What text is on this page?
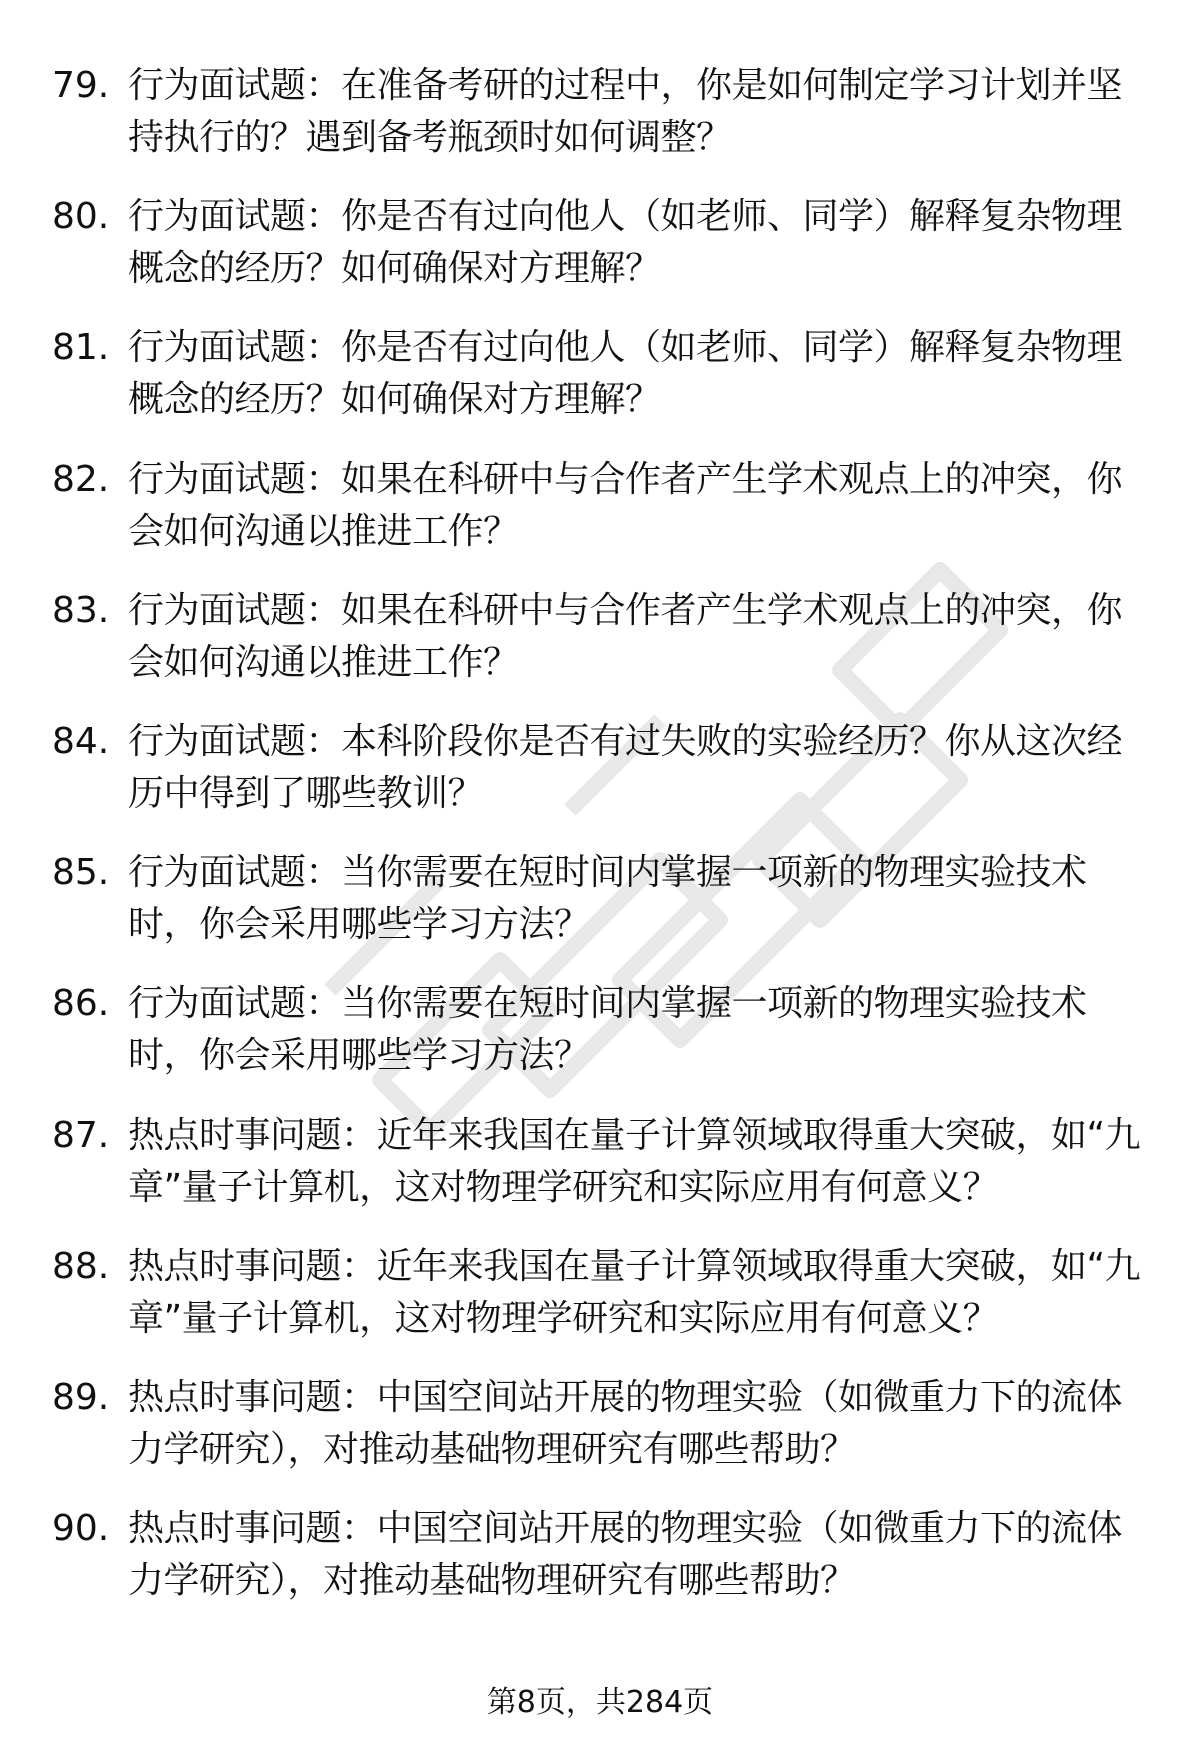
79. 行为面试题：在准备考研的过程中，你是如何制定学习计划并坚持执行的？遇到备考瓶颈时如何调整？
80. 行为面试题：你是否有过向他人（如老师、同学）解释复杂物理概念的经历？如何确保对方理解？
81. 行为面试题：你是否有过向他人（如老师、同学）解释复杂物理概念的经历？如何确保对方理解？
82. 行为面试题：如果在科研中与合作者产生学术观点上的冲突，你会如何沟通以推进工作？
83. 行为面试题：如果在科研中与合作者产生学术观点上的冲突，你会如何沟通以推进工作？
84. 行为面试题：本科阶段你是否有过失败的实验经历？你从这次经历中得到了哪些教训？
85. 行为面试题：当你需要在短时间内掌握一项新的物理实验技术时，你会采用哪些学习方法？
86. 行为面试题：当你需要在短时间内掌握一项新的物理实验技术时，你会采用哪些学习方法？
87. 热点时事问题：近年来我国在量子计算领域取得重大突破，如“九章”量子计算机，这对物理学研究和实际应用有何意义？
88. 热点时事问题：近年来我国在量子计算领域取得重大突破，如“九章”量子计算机，这对物理学研究和实际应用有何意义？
89. 热点时事问题：中国空间站开展的物理实验（如微重力下的流体力学研究），对推动基础物理研究有哪些帮助？
90. 热点时事问题：中国空间站开展的物理实验（如微重力下的流体力学研究），对推动基础物理研究有哪些帮助？
第8页，共284页
